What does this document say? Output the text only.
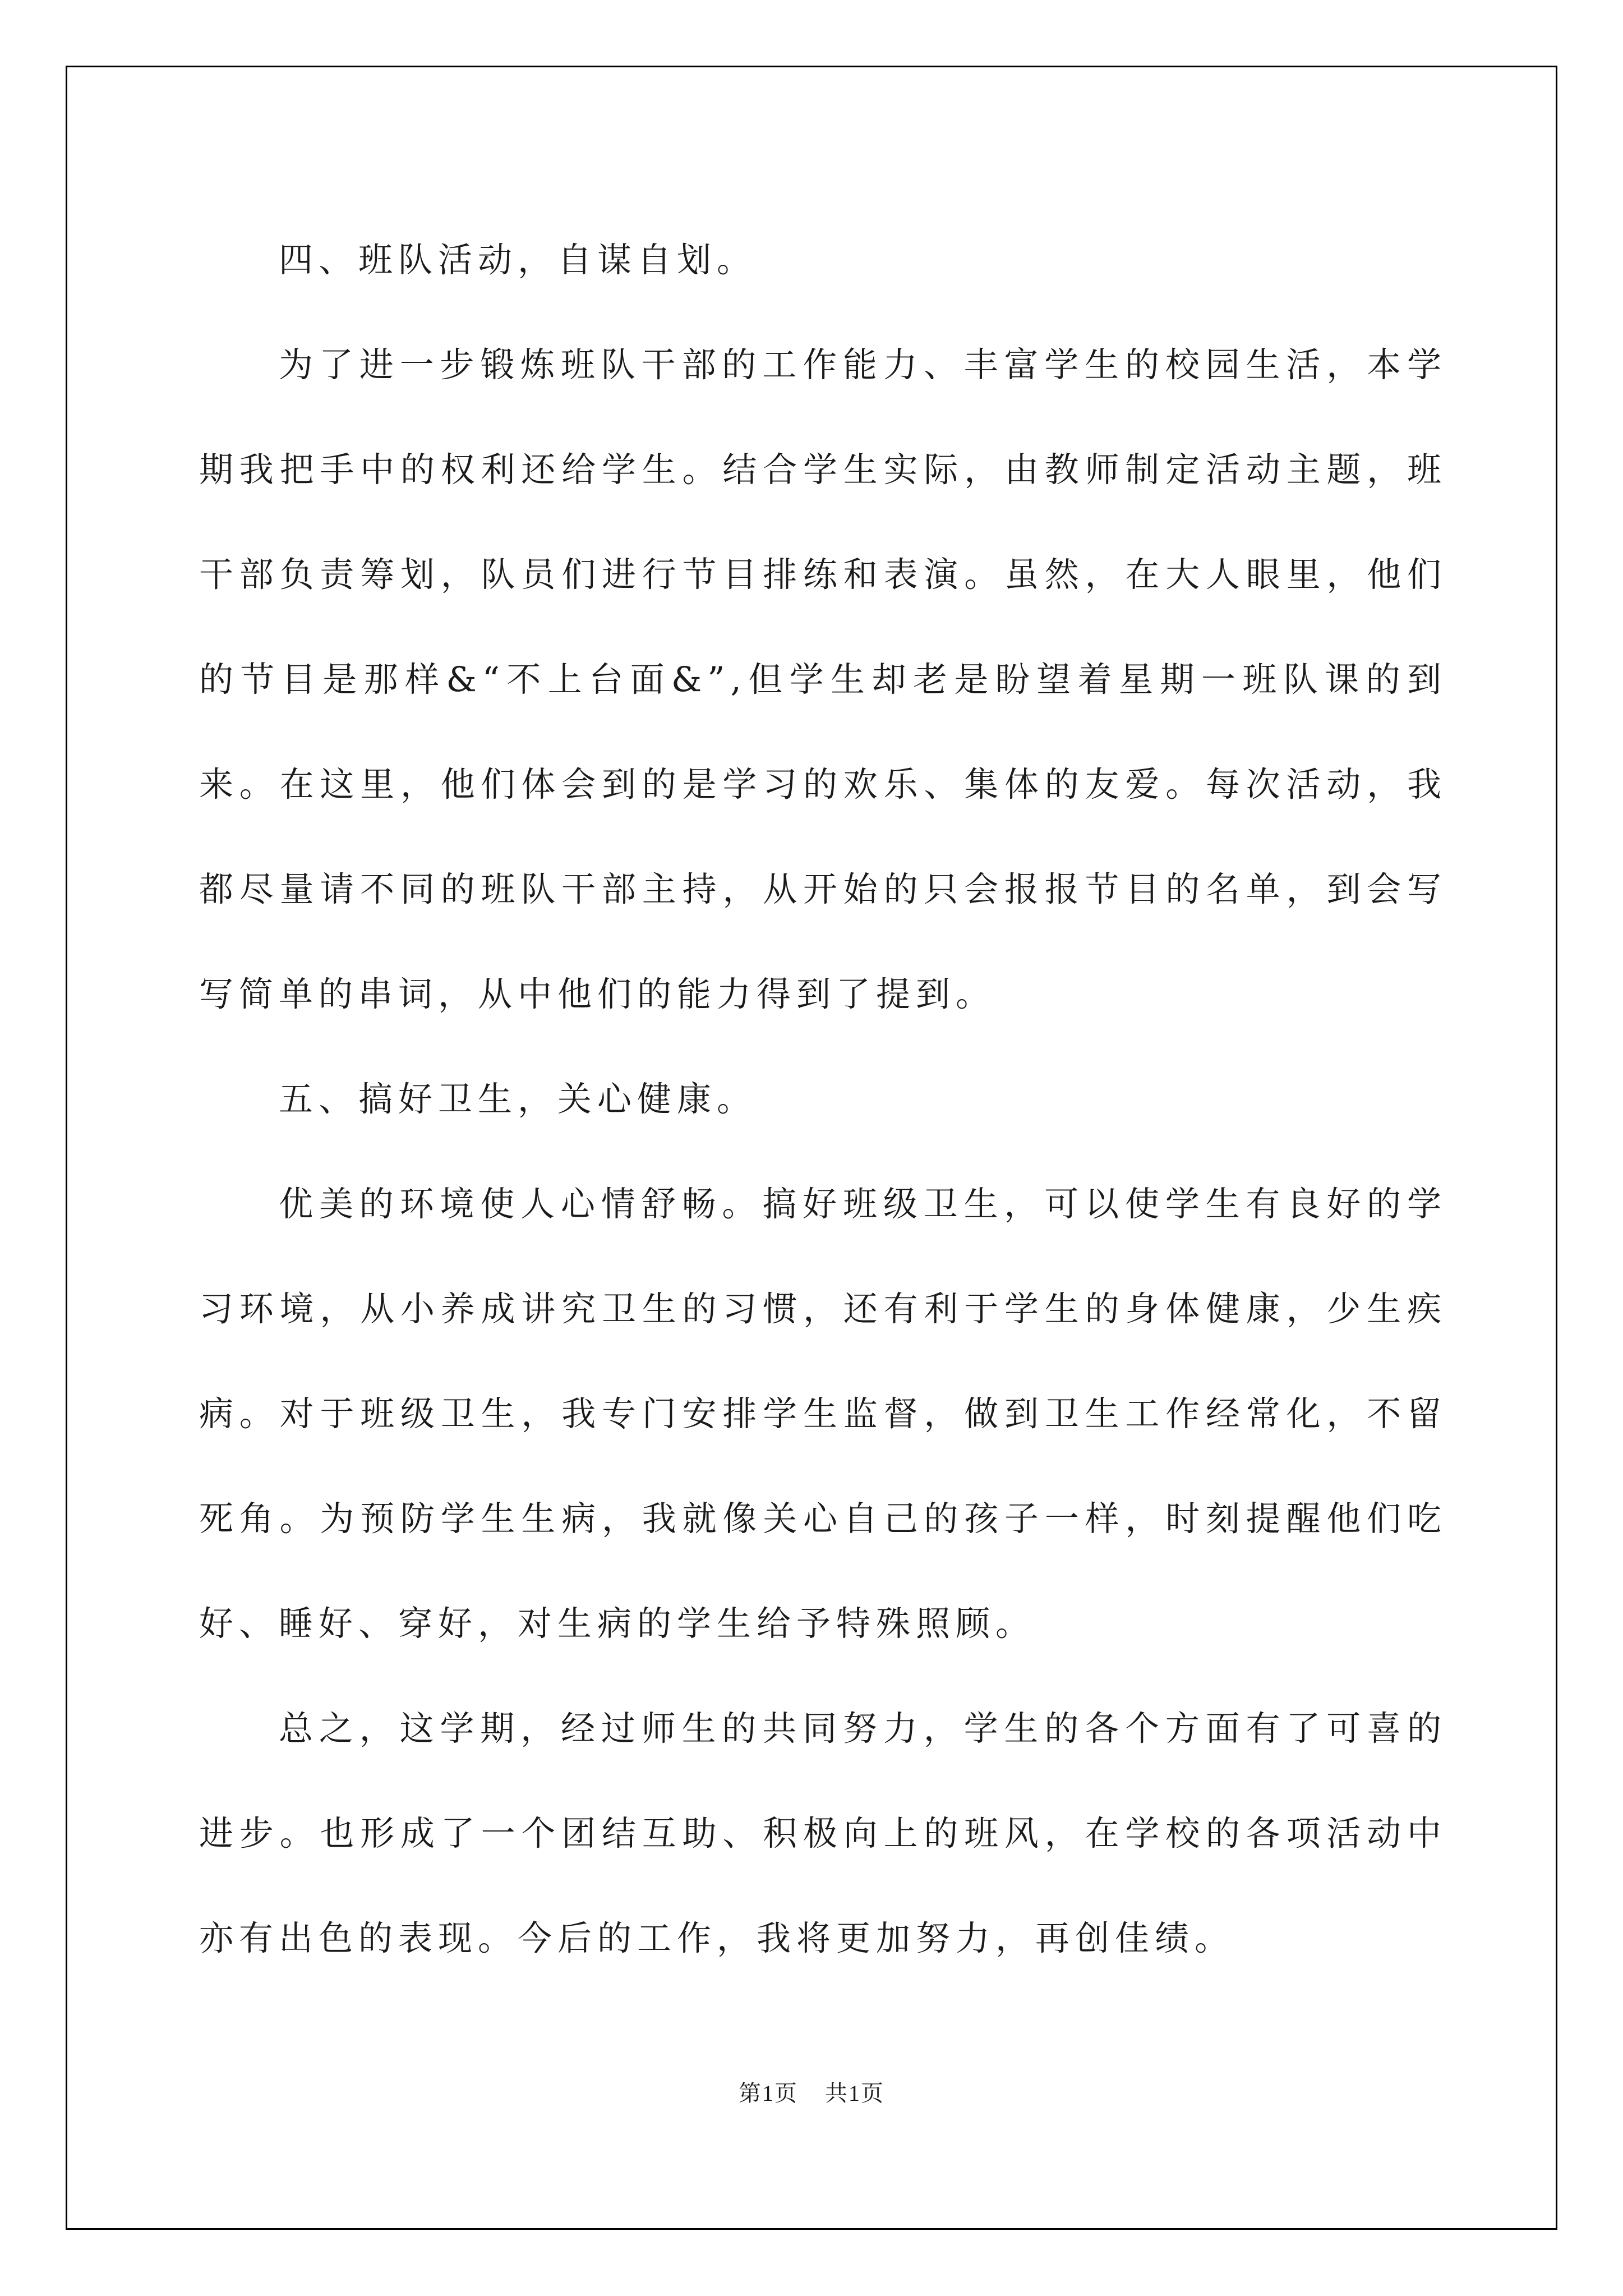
四、班队活动，自谋自划。

为了进一步锻炼班队干部的工作能力、丰富学生的校园生活，本学期我把手中的权利还给学生。结合学生实际，由教师制定活动主题，班干部负责筹划，队员们进行节目排练和表演。虽然，在大人眼里，他们的节目是那样&“不上台面&”,但学生却老是盼望着星期一班队课的到来。在这里，他们体会到的是学习的欢乐、集体的友爱。每次活动，我都尽量请不同的班队干部主持，从开始的只会报报节目的名单，到会写写简单的串词，从中他们的能力得到了提到。

五、搞好卫生，关心健康。

优美的环境使人心情舒畅。搞好班级卫生，可以使学生有良好的学习环境，从小养成讲究卫生的习惯，还有利于学生的身体健康，少生疾病。对于班级卫生，我专门安排学生监督，做到卫生工作经常化，不留死角。为预防学生生病，我就像关心自己的孩子一样，时刻提醒他们吃好、睡好、穿好，对生病的学生给予特殊照顾。

总之，这学期，经过师生的共同努力，学生的各个方面有了可喜的进步。也形成了一个团结互助、积极向上的班风，在学校的各项活动中亦有出色的表现。今后的工作，我将更加努力，再创佳绩。

第1页 共1页
